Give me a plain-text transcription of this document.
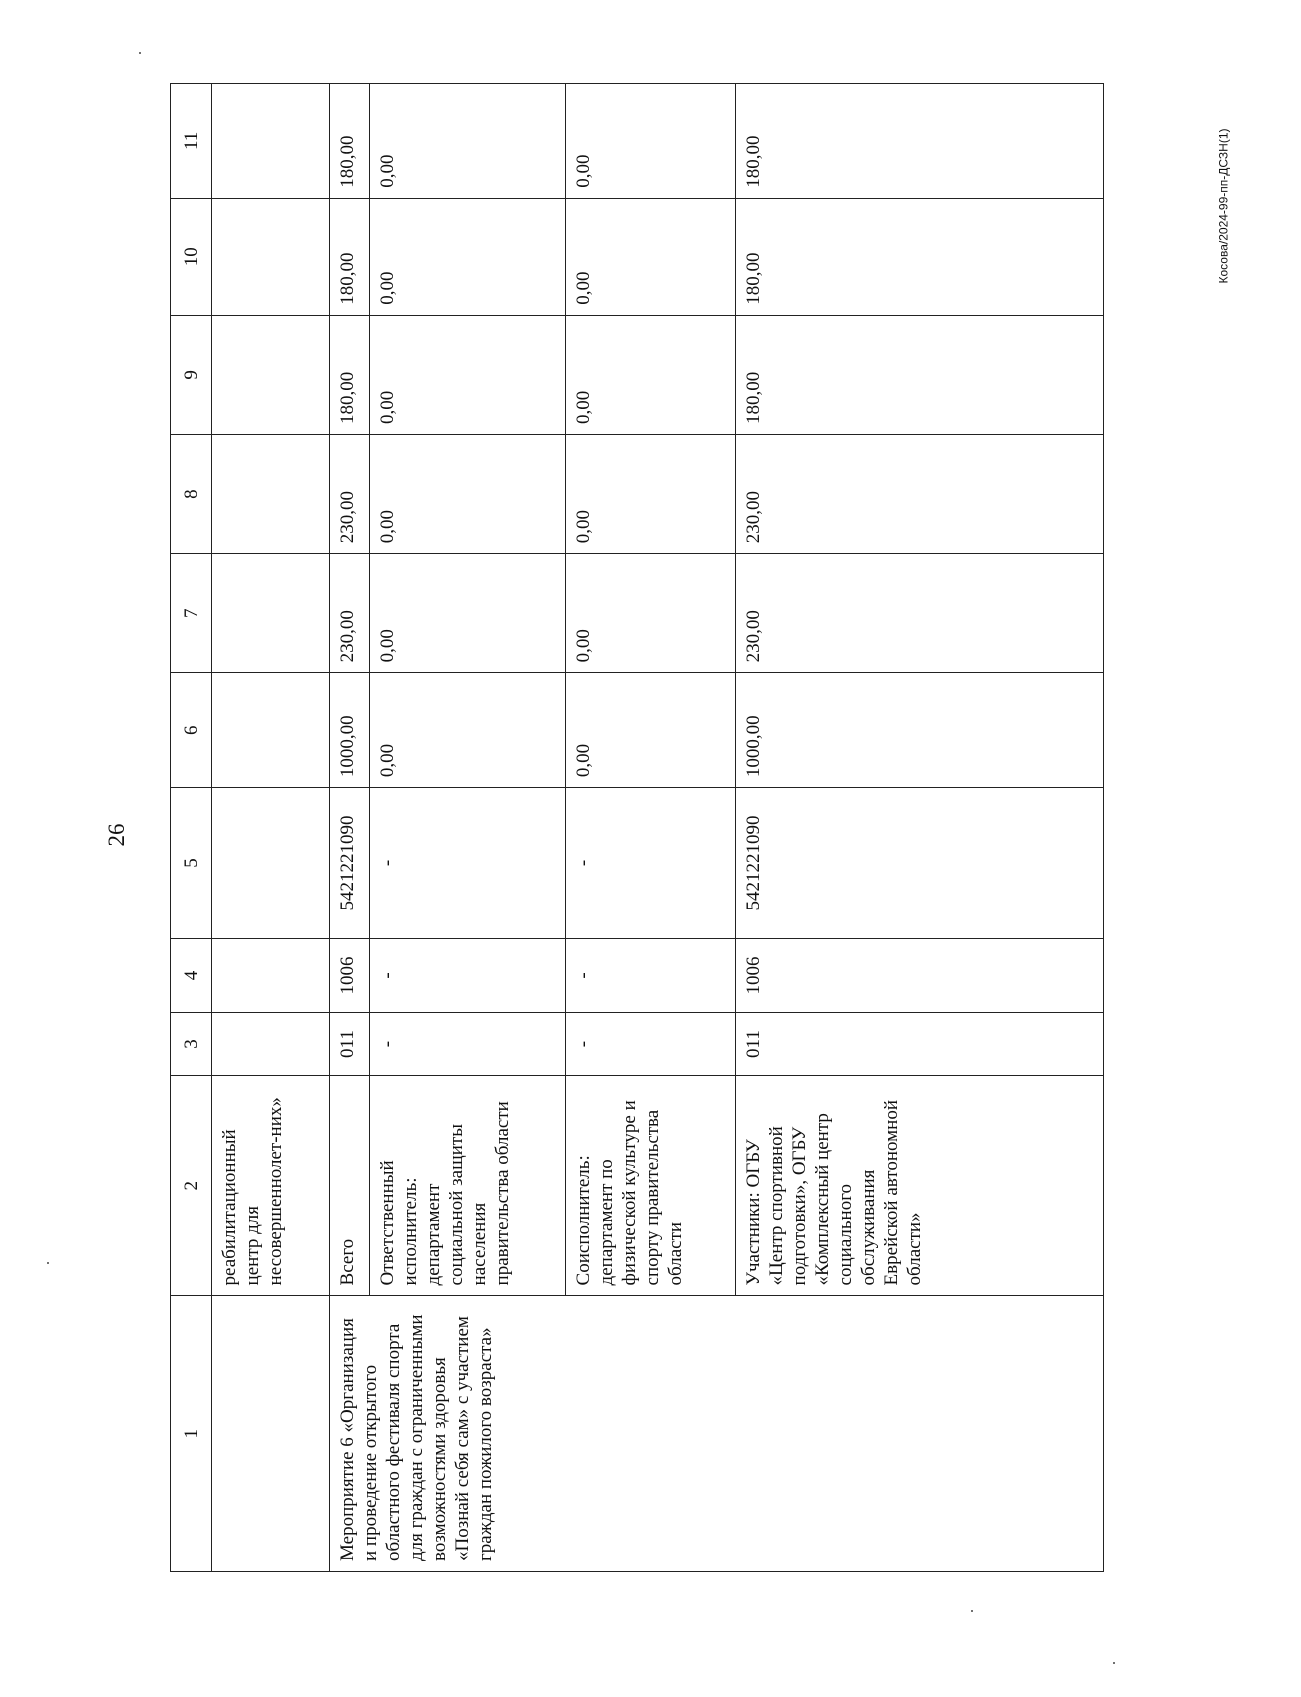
26
Косова/2024-99-пп-ДСЗН(1)
1	2	3	4	5	6	7	8	9	10	11
	реабилитационный центр для несовершеннолет-них»									
Мероприятие 6 «Организация и проведение открытого областного фестиваля спорта для граждан с ограниченными возможностями здоровья «Познай себя сам» с участием граждан пожилого возраста»	Всего	011	1006	5421221090	1000,00	230,00	230,00	180,00	180,00	180,00
	Ответственный исполнитель: департамент социальной защиты населения правительства области	-	-	-	0,00	0,00	0,00	0,00	0,00	0,00
	Соисполнитель: департамент по физической культуре и спорту правительства области	-	-	-	0,00	0,00	0,00	0,00	0,00	0,00
	Участники: ОГБУ «Центр спортивной подготовки», ОГБУ «Комплексный центр социального обслуживания Еврейской автономной области»	011	1006	5421221090	1000,00	230,00	230,00	180,00	180,00	180,00
